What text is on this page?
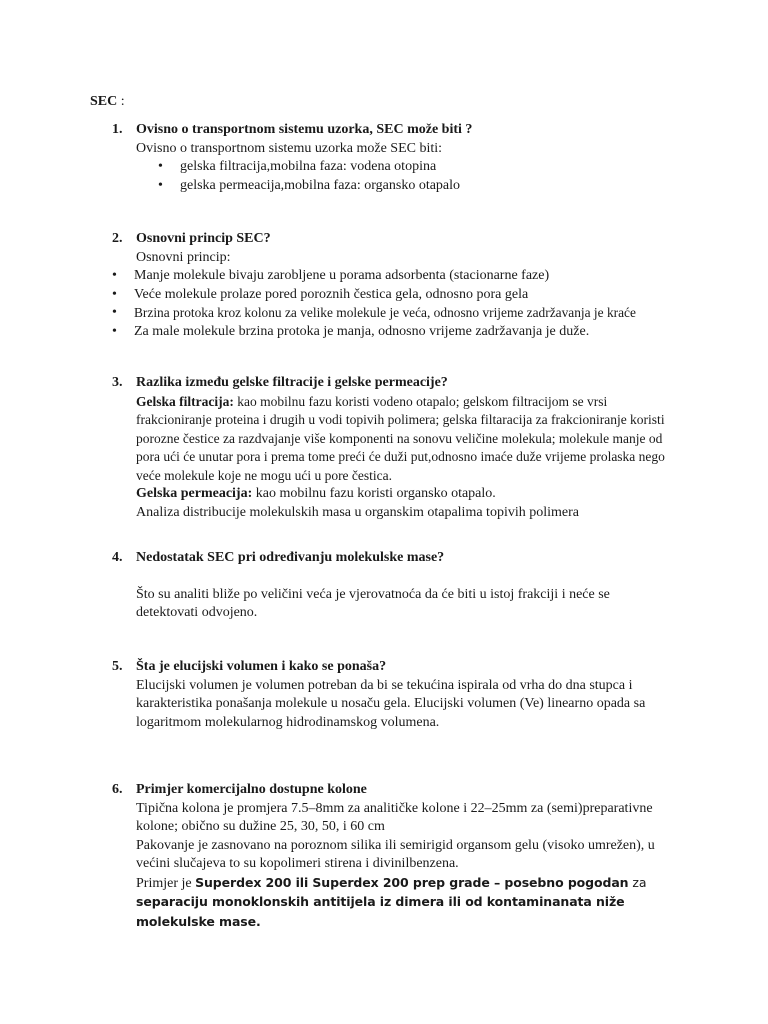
SEC :
1. Ovisno o transportnom sistemu uzorka, SEC može biti ?

Ovisno o transportnom sistemu uzorka može SEC biti:

• gelska filtracija,mobilna faza: vodena otopina
• gelska permeacija,mobilna faza: organsko otapalo
2. Osnovni princip SEC?

Osnovni princip:

• Manje molekule bivaju zarobljene u porama adsorbenta (stacionarne faze)
• Veće molekule prolaze pored poroznih čestica gela, odnosno pora gela
• Brzina protoka kroz kolonu za velike molekule je veća, odnosno vrijeme zadržavanja je kraće
• Za male molekule brzina protoka je manja, odnosno vrijeme zadržavanja je duže.
3. Razlika između gelske filtracije i gelske permeacije?

Gelska filtracija: kao mobilnu fazu koristi vodeno otapalo; gelskom filtracijom se vrsi frakcioniranje proteina i drugih u vodi topivih polimera; gelska filtaracija za frakcioniranje koristi porozne čestice za razdvajanje više komponenti na sonovu veličine molekula; molekule manje od pora ući će unutar pora i prema tome preći će duži put,odnosno imaće duže vrijeme prolaska nego veće molekule koje ne mogu ući u pore čestica.

Gelska permeacija: kao mobilnu fazu koristi organsko otapalo.

Analiza distribucije molekulskih masa u organskim otapalima topivih polimera

4. Nedostatak SEC pri određivanju molekulske mase?

Što su analiti bliže po veličini veća je vjerovatnoća da će biti u istoj frakciji i neće se detektovati odvojeno.

5. Šta je elucijski volumen i kako se ponaša?

Elucijski volumen je volumen potreban da bi se tekućina ispirala od vrha do dna stupca i karakteristika ponašanja molekule u nosaču gela. Elucijski volumen (Ve) linearno opada sa logaritmom molekularnog hidrodinamskog volumena.

6. Primjer komercijalno dostupne kolone

Tipična kolona je promjera 7.5–8mm za analitičke kolone i 22–25mm za (semi)preparativne kolone; obično su dužine 25, 30, 50, i 60 cm

Pakovanje je zasnovano na poroznom silika ili semirigid organsom gelu (visoko umrežen), u većini slučajeva to su kopolimeri stirena i divinilbenzena.

Primjer je Superdex 200 ili Superdex 200 prep grade – posebno pogodan za separaciju monoklonskih antitijela iz dimera ili od kontaminanata niže molekulske mase.
